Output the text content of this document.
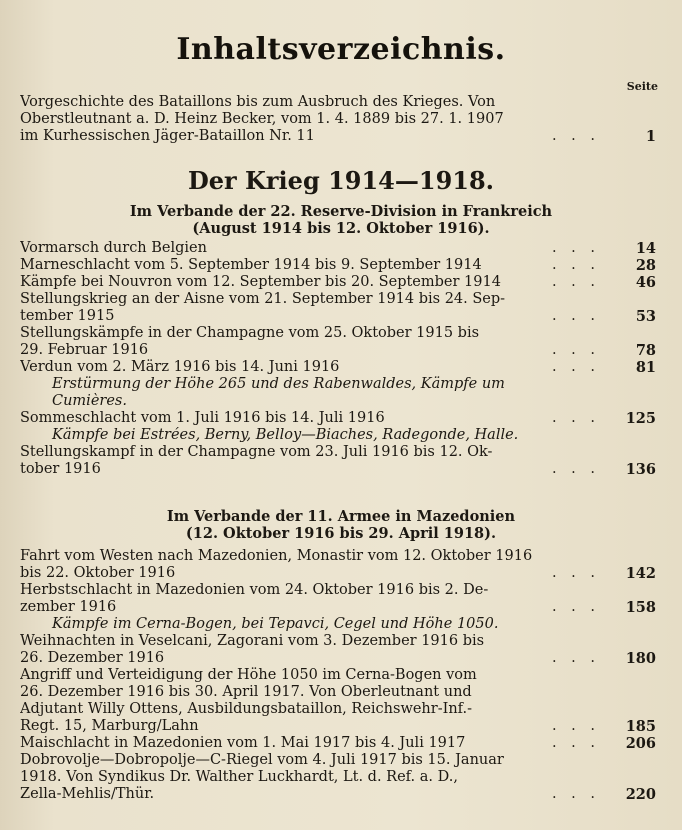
Inhaltsverzeichnis.
Seite
Vorgeschichte des Bataillons bis zum Ausbruch des Krieges. Von
Oberstleutnant a. D. Heinz Becker, vom 1. 4. 1889 bis 27. 1. 1907
im Kurhessischen Jäger-Bataillon Nr. 11	. . .	1
Der Krieg 1914—1918.
Im Verbande der 22. Reserve-Division in Frankreich
(August 1914 bis 12. Oktober 1916).
Vormarsch durch Belgien	. . . 14
Marneschlacht vom 5. September 1914 bis 9. September 1914	. . . 28
Kämpfe bei Nouvron vom 12. September bis 20. September 1914	. . . 46
Stellungskrieg an der Aisne vom 21. September 1914 bis 24. Sep-
tember 1915	. . . 53
Stellungskämpfe in der Champagne vom 25. Oktober 1915 bis
29. Februar 1916	. . . 78
Verdun vom 2. März 1916 bis 14. Juni 1916	. . . 81
Erstürmung der Höhe 265 und des Rabenwaldes, Kämpfe um
Cumières.
Sommeschlacht vom 1. Juli 1916 bis 14. Juli 1916	. . . 125
Kämpfe bei Estrées, Berny, Belloy—Biaches, Radegonde, Halle.
Stellungskampf in der Champagne vom 23. Juli 1916 bis 12. Ok-
tober 1916	. . . 136
Im Verbande der 11. Armee in Mazedonien
(12. Oktober 1916 bis 29. April 1918).
Fahrt vom Westen nach Mazedonien, Monastir vom 12. Oktober 1916
bis 22. Oktober 1916	. . . 142
Herbstschlacht in Mazedonien vom 24. Oktober 1916 bis 2. De-
zember 1916	. . . 158
Kämpfe im Cerna-Bogen, bei Tepavci, Cegel und Höhe 1050.
Weihnachten in Veselcani, Zagorani vom 3. Dezember 1916 bis
26. Dezember 1916	. . . 180
Angriff und Verteidigung der Höhe 1050 im Cerna-Bogen vom
26. Dezember 1916 bis 30. April 1917. Von Oberleutnant und
Adjutant Willy Ottens, Ausbildungsbataillon, Reichswehr-Inf.-
Regt. 15, Marburg/Lahn	. . . 185
Maischlacht in Mazedonien vom 1. Mai 1917 bis 4. Juli 1917	. . . 206
Dobrovolje—Dobropolje—C-Riegel vom 4. Juli 1917 bis 15. Januar
1918. Von Syndikus Dr. Walther Luckhardt, Lt. d. Ref. a. D.,
Zella-Mehlis/Thür.	. . . 220
